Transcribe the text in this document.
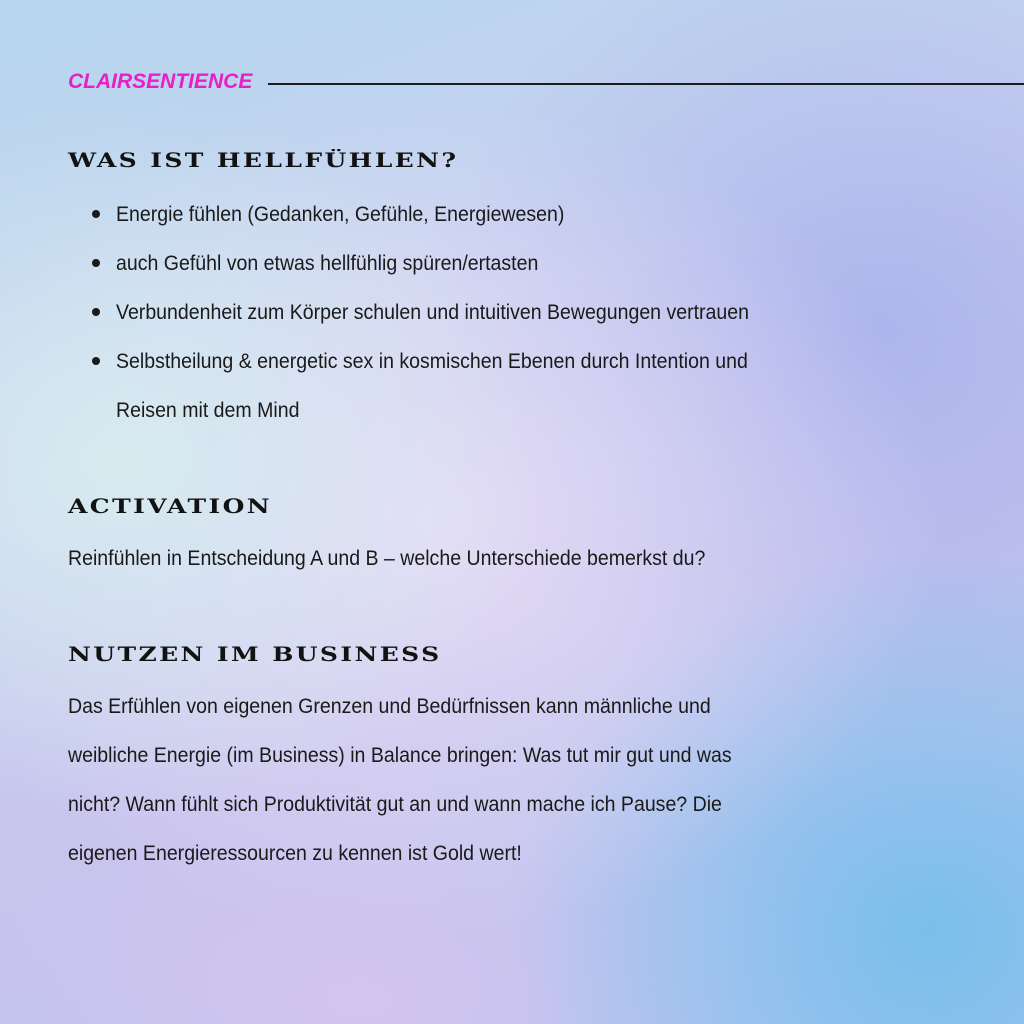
CLAIRSENTIENCE
WAS IST HELLFÜHLEN?
Energie fühlen (Gedanken, Gefühle, Energiewesen)
auch Gefühl von etwas hellfühlig spüren/ertasten
Verbundenheit zum Körper schulen und intuitiven Bewegungen vertrauen
Selbstheilung & energetic sex in kosmischen Ebenen durch Intention und
Reisen mit dem Mind
ACTIVATION
Reinfühlen in Entscheidung A und B – welche Unterschiede bemerkst du?
NUTZEN IM BUSINESS
Das Erfühlen von eigenen Grenzen und Bedürfnissen kann männliche und
weibliche Energie (im Business) in Balance bringen: Was tut mir gut und was
nicht? Wann fühlt sich Produktivität gut an und wann mache ich Pause? Die
eigenen Energieressourcen zu kennen ist Gold wert!
